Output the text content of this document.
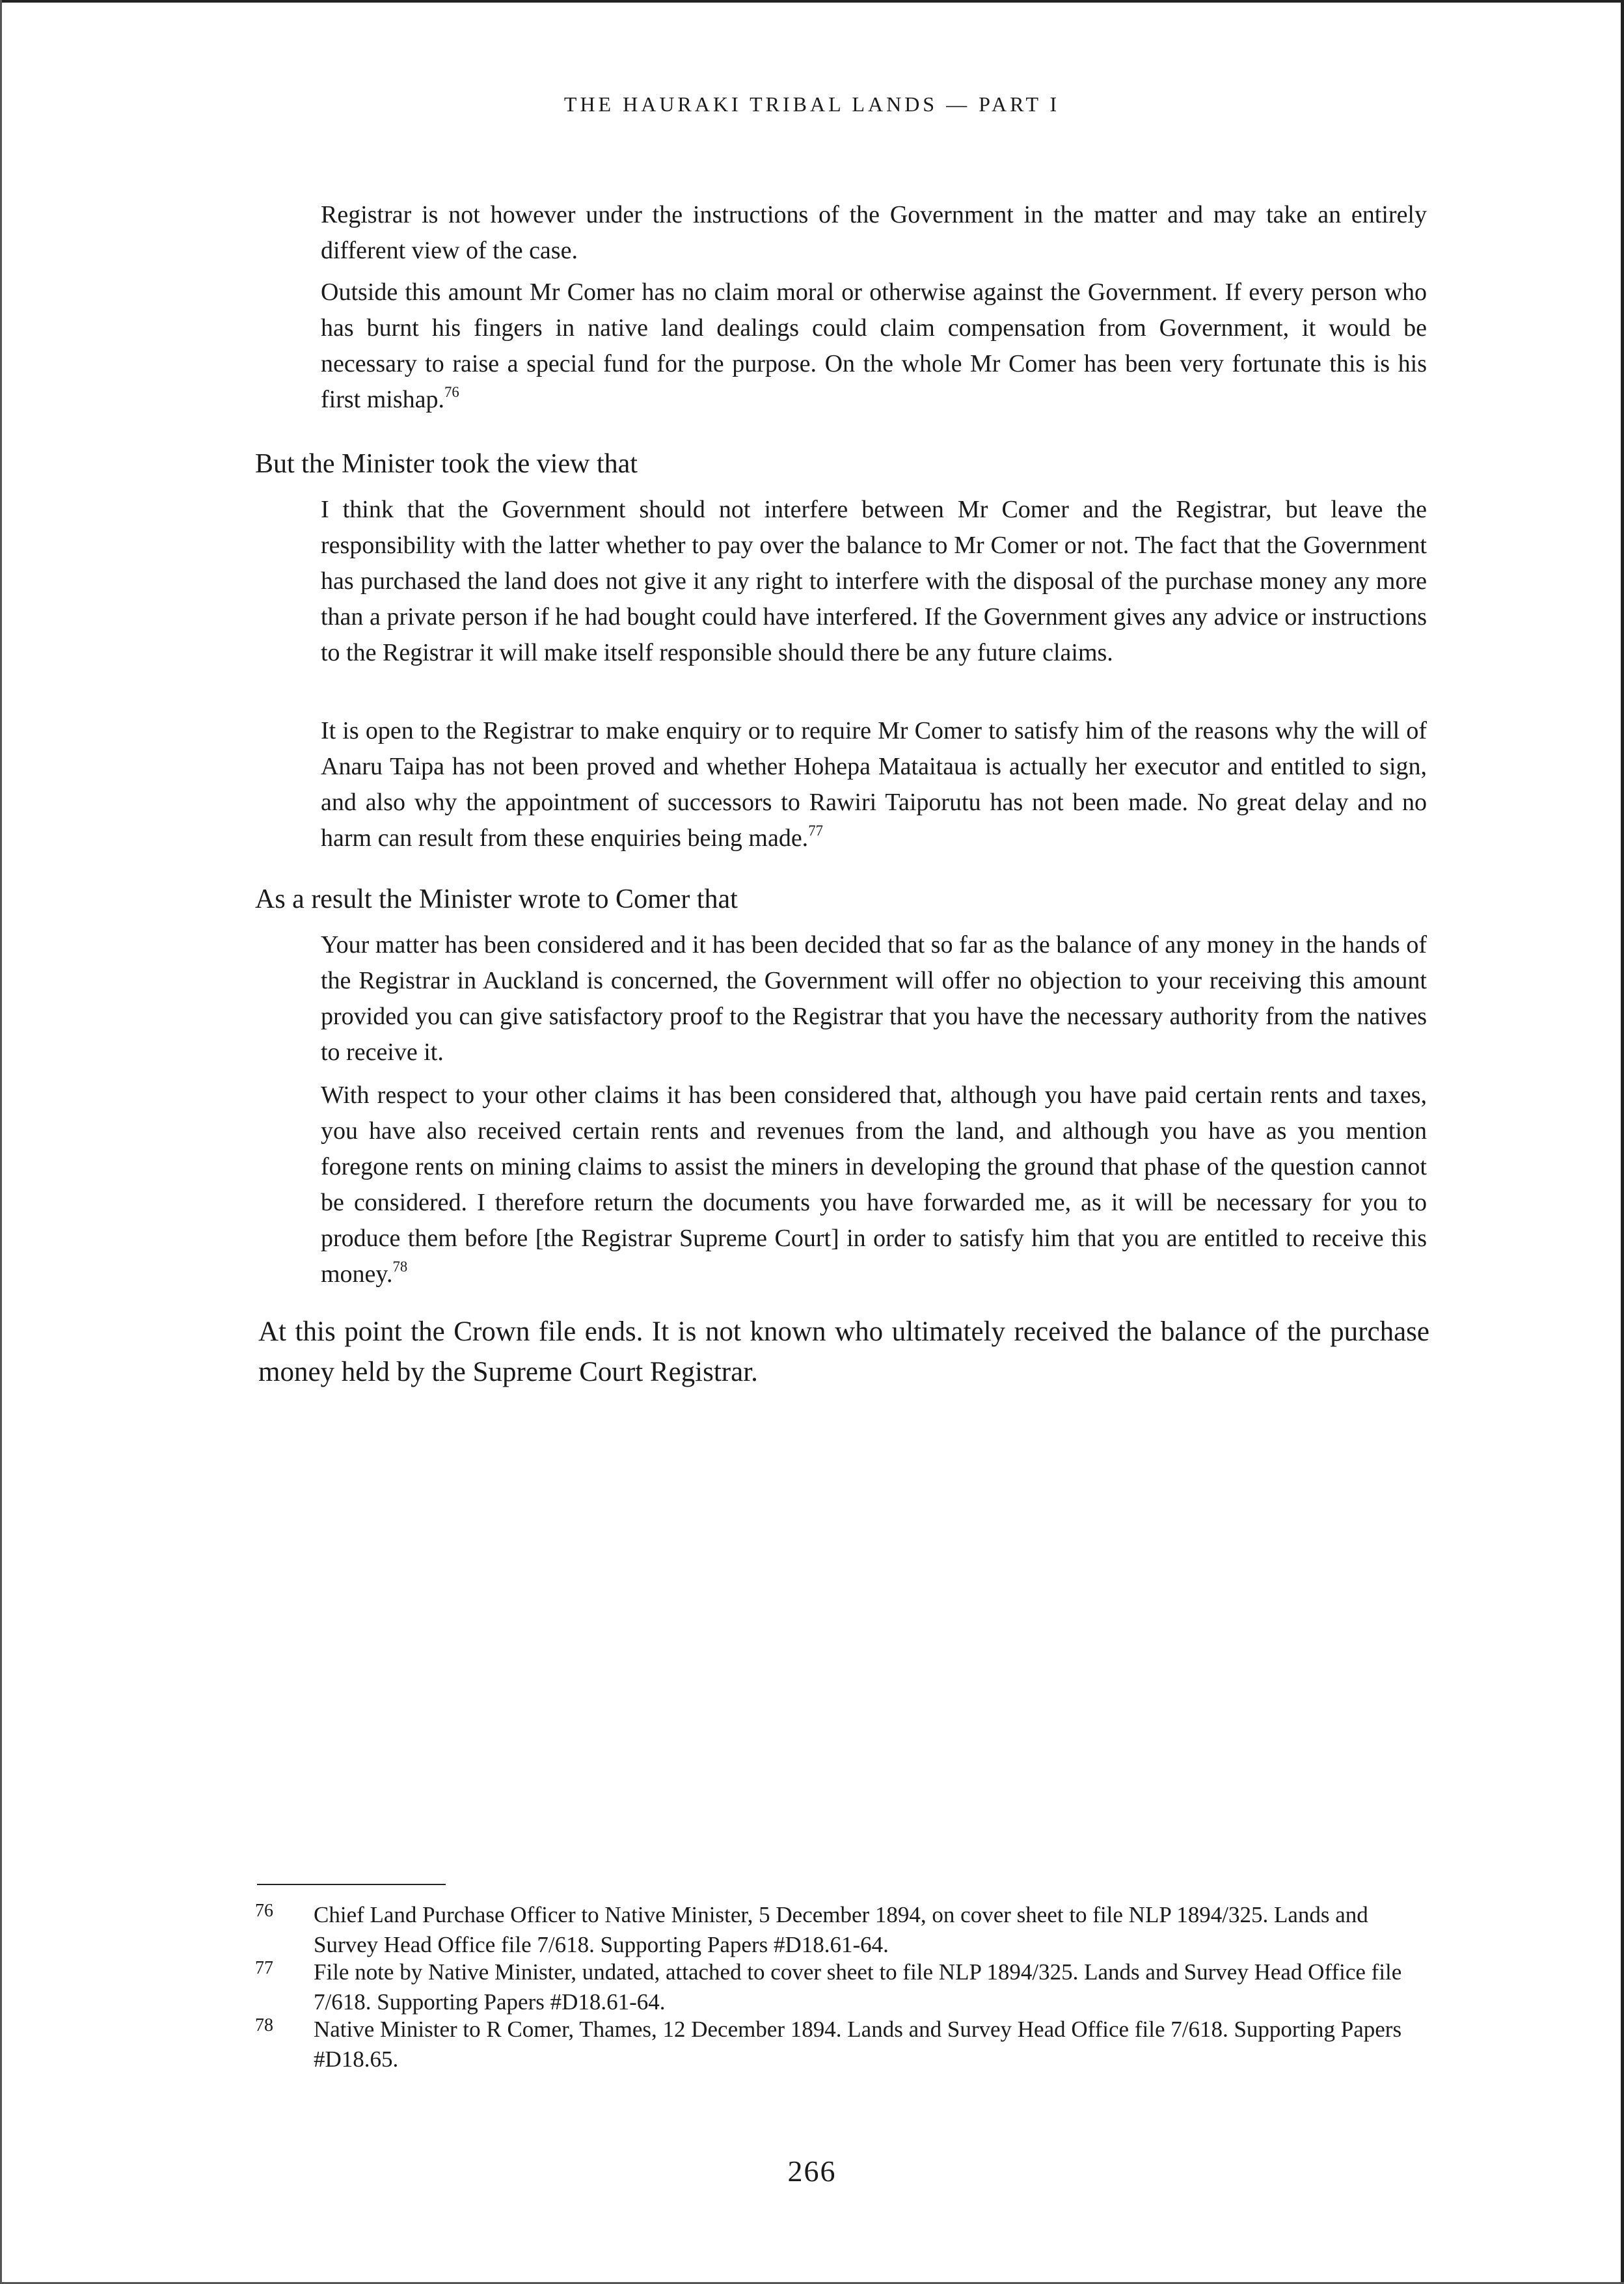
THE HAURAKI TRIBAL LANDS — PART I

Registrar is not however under the instructions of the Government in the matter and may take an entirely different view of the case.

Outside this amount Mr Comer has no claim moral or otherwise against the Government. If every person who has burnt his fingers in native land dealings could claim compensation from Government, it would be necessary to raise a special fund for the purpose. On the whole Mr Comer has been very fortunate this is his first mishap.$^{76}$

But the Minister took the view that

I think that the Government should not interfere between Mr Comer and the Registrar, but leave the responsibility with the latter whether to pay over the balance to Mr Comer or not. The fact that the Government has purchased the land does not give it any right to interfere with the disposal of the purchase money any more than a private person if he had bought could have interfered. If the Government gives any advice or instructions to the Registrar it will make itself responsible should there be any future claims.

It is open to the Registrar to make enquiry or to require Mr Comer to satisfy him of the reasons why the will of Anaru Taipa has not been proved and whether Hohepa Mataitaua is actually her executor and entitled to sign, and also why the appointment of successors to Rawiri Taiporutu has not been made. No great delay and no harm can result from these enquiries being made.$^{77}$

As a result the Minister wrote to Comer that

Your matter has been considered and it has been decided that so far as the balance of any money in the hands of the Registrar in Auckland is concerned, the Government will offer no objection to your receiving this amount provided you can give satisfactory proof to the Registrar that you have the necessary authority from the natives to receive it.

With respect to your other claims it has been considered that, although you have paid certain rents and taxes, you have also received certain rents and revenues from the land, and although you have as you mention foregone rents on mining claims to assist the miners in developing the ground that phase of the question cannot be considered. I therefore return the documents you have forwarded me, as it will be necessary for you to produce them before [the Registrar Supreme Court] in order to satisfy him that you are entitled to receive this money.$^{78}$

At this point the Crown file ends. It is not known who ultimately received the balance of the purchase money held by the Supreme Court Registrar.

76 Chief Land Purchase Officer to Native Minister, 5 December 1894, on cover sheet to file NLP 1894/325. Lands and Survey Head Office file 7/618. Supporting Papers #D18.61-64.
77 File note by Native Minister, undated, attached to cover sheet to file NLP 1894/325. Lands and Survey Head Office file 7/618. Supporting Papers #D18.61-64.
78 Native Minister to R Comer, Thames, 12 December 1894. Lands and Survey Head Office file 7/618. Supporting Papers #D18.65.
266
